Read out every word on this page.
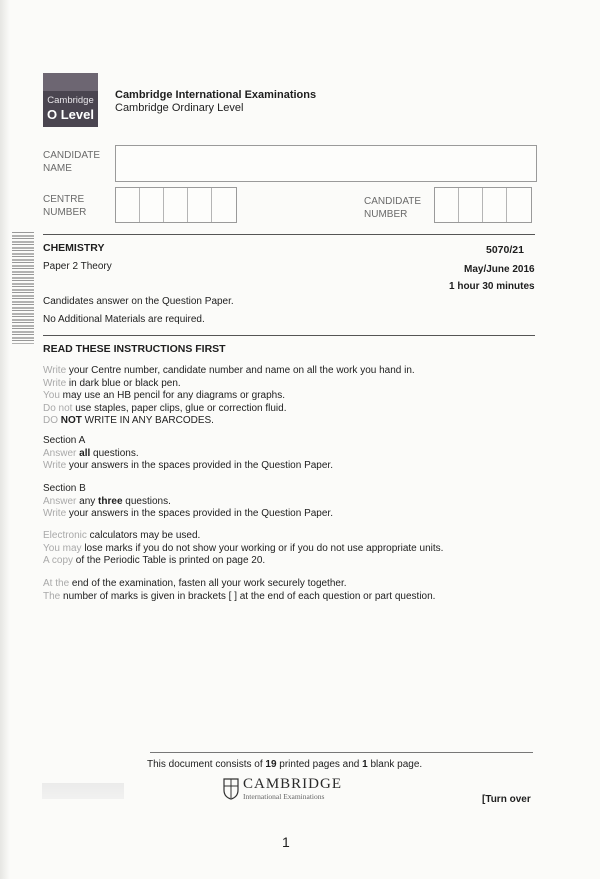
Cambridge
O Level
Cambridge International Examinations
Cambridge Ordinary Level
CANDIDATE NAME
CENTRE NUMBER
CANDIDATE NUMBER
CHEMISTRY	5070/21
Paper 2 Theory	May/June 2016
1 hour 30 minutes
Candidates answer on the Question Paper.
No Additional Materials are required.
READ THESE INSTRUCTIONS FIRST
Write your Centre number, candidate number and name on all the work you hand in.
Write in dark blue or black pen.
You may use an HB pencil for any diagrams or graphs.
Do not use staples, paper clips, glue or correction fluid.
DO NOT WRITE IN ANY BARCODES.
Section A
Answer all questions.
Write your answers in the spaces provided in the Question Paper.
Section B
Answer any three questions.
Write your answers in the spaces provided in the Question Paper.
Electronic calculators may be used.
You may lose marks if you do not show your working or if you do not use appropriate units.
A copy of the Periodic Table is printed on page 20.
At the end of the examination, fasten all your work securely together.
The number of marks is given in brackets [ ] at the end of each question or part question.
This document consists of 19 printed pages and 1 blank page.
CAMBRIDGE
International Examinations	[Turn over
1
